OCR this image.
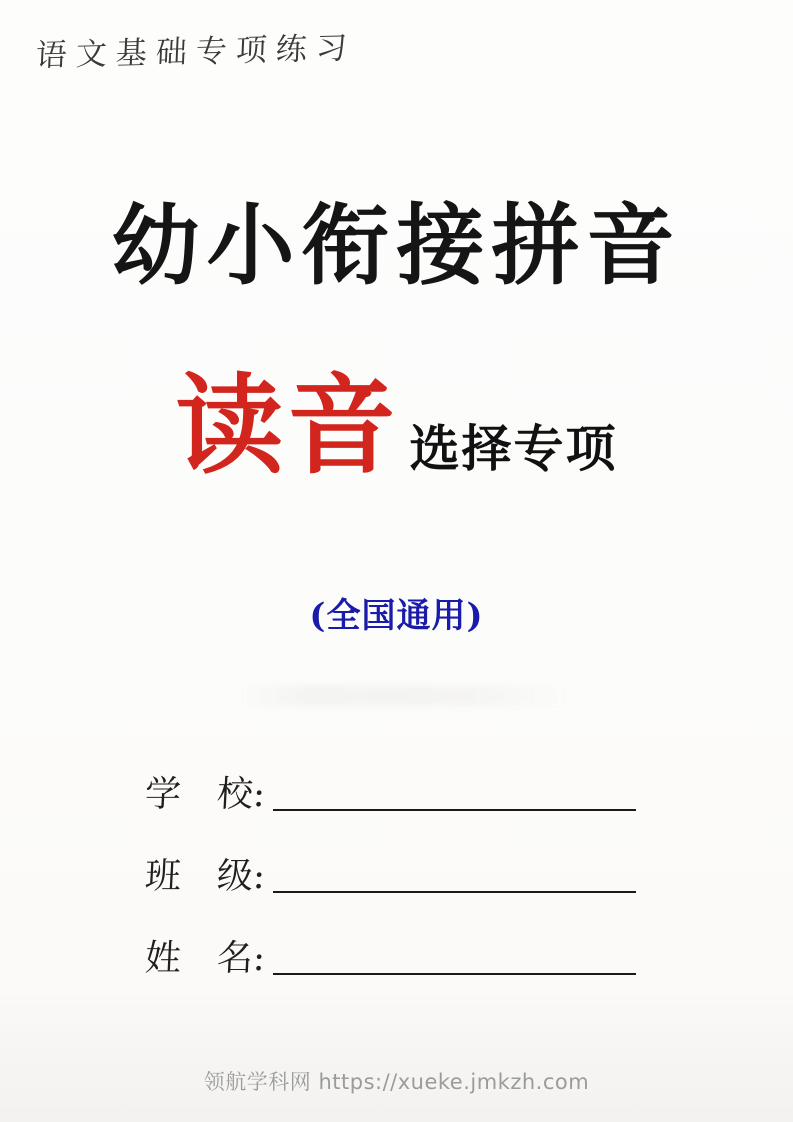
语文基础专项练习
幼小衔接拼音
读音 选择专项
(全国通用)
学　校:
班　级:
姓　名:
领航学科网 https://xueke.jmkzh.com
